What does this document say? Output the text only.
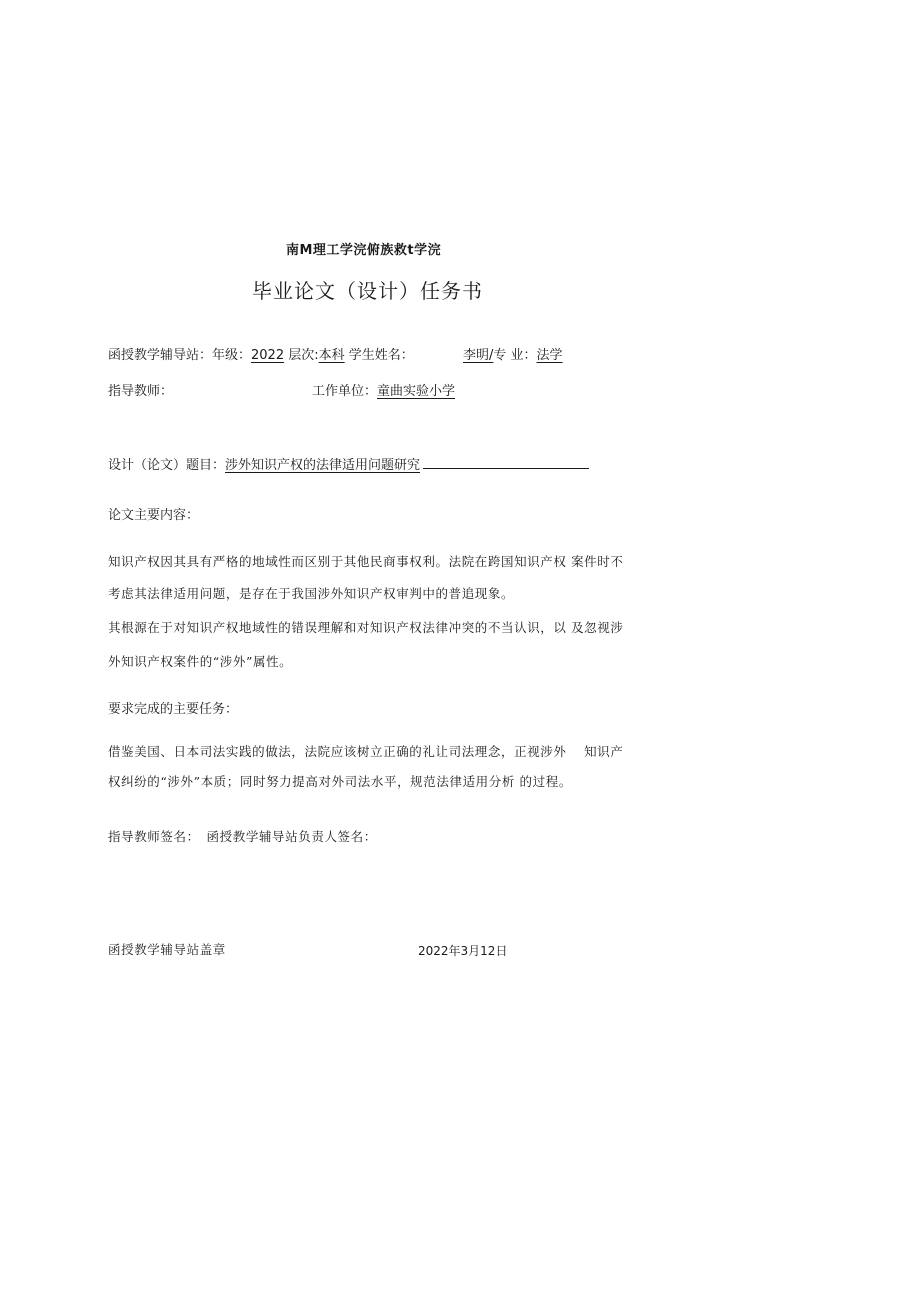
南M理工学浣俯族救t学浣
毕业论文（设计）任务书
函授教学辅导站：年级：2022 层次:本科 学生姓名：	李明/专 业：法学
指导教师：	工作单位：童曲实验小学
设计（论文）题目：涉外知识产权的法律适用问题研究
论文主要内容：
知识产权因其具有严格的地域性而区别于其他民商事权利。法院在跨国知识产权 案件时不
考虑其法律适用问题，是存在于我国涉外知识产权审判中的普追现象。
其根源在于对知识产权地域性的错误理解和对知识产权法律冲突的不当认识，以 及忽视涉
外知识产权案件的“涉外”属性。
要求完成的主要任务：
借鉴美国、日本司法实践的做法，法院应该树立正确的礼让司法理念，正视涉外　 知识产
权纠纷的“涉外”本质；同时努力提高对外司法水平，规范法律适用分析 的过程。
指导教师签名：　函授教学辅导站负责人签名：
函授教学辅导站盖章	2022年3月12日
